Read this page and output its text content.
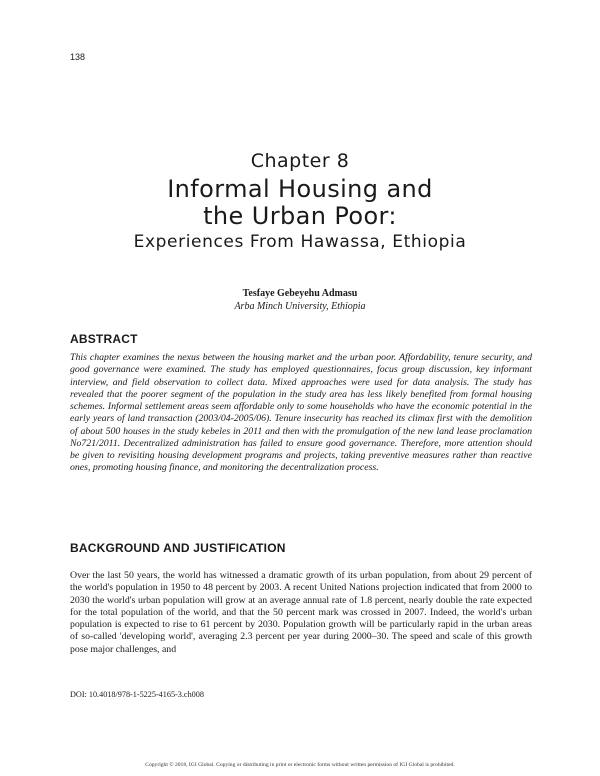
138
Chapter 8
Informal Housing and
the Urban Poor:
Experiences From Hawassa, Ethiopia
Tesfaye Gebeyehu Admasu
Arba Minch University, Ethiopia
ABSTRACT

This chapter examines the nexus between the housing market and the urban poor. Affordability, tenure security, and good governance were examined. The study has employed questionnaires, focus group discussion, key informant interview, and field observation to collect data. Mixed approaches were used for data analysis. The study has revealed that the poorer segment of the population in the study area has less likely benefited from formal housing schemes. Informal settlement areas seem affordable only to some households who have the economic potential in the early years of land transaction (2003/04-2005/06). Tenure insecurity has reached its climax first with the demolition of about 500 houses in the study kebeles in 2011 and then with the promulgation of the new land lease proclamation No721/2011. Decentralized administration has failed to ensure good governance. Therefore, more attention should be given to revisiting housing development programs and projects, taking preventive measures rather than reactive ones, promoting housing finance, and monitoring the decentralization process.

BACKGROUND AND JUSTIFICATION

Over the last 50 years, the world has witnessed a dramatic growth of its urban population, from about 29 percent of the world's population in 1950 to 48 percent by 2003. A recent United Nations projection indicated that from 2000 to 2030 the world's urban population will grow at an average annual rate of 1.8 percent, nearly double the rate expected for the total population of the world, and that the 50 percent mark was crossed in 2007. Indeed, the world's urban population is expected to rise to 61 percent by 2030. Population growth will be particularly rapid in the urban areas of so-called 'developing world', averaging 2.3 percent per year during 2000–30. The speed and scale of this growth pose major challenges, and

DOI: 10.4018/978-1-5225-4165-3.ch008
Copyright © 2018, IGI Global. Copying or distributing in print or electronic forms without written permission of IGI Global is prohibited.
